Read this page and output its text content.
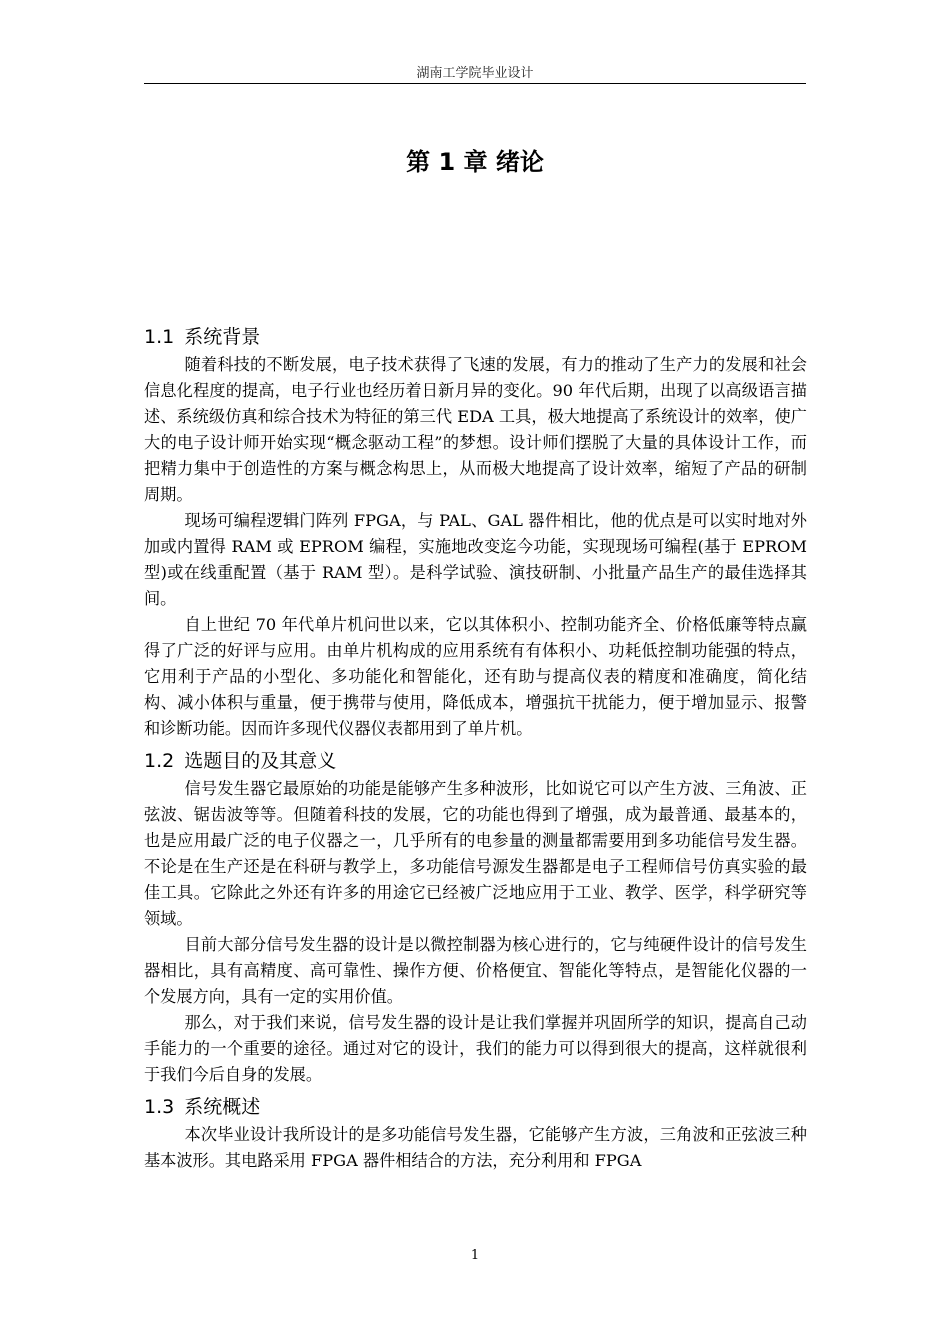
湖南工学院毕业设计
第 1 章 绪论
1.1 系统背景

随着科技的不断发展，电子技术获得了飞速的发展，有力的推动了生产力的发展和社会信息化程度的提高，电子行业也经历着日新月异的变化。90 年代后期，出现了以高级语言描述、系统级仿真和综合技术为特征的第三代 EDA 工具，极大地提高了系统设计的效率，使广大的电子设计师开始实现“概念驱动工程”的梦想。设计师们摆脱了大量的具体设计工作，而把精力集中于创造性的方案与概念构思上，从而极大地提高了设计效率，缩短了产品的研制周期。

现场可编程逻辑门阵列 FPGA，与 PAL、GAL 器件相比，他的优点是可以实时地对外加或内置得 RAM 或 EPROM 编程，实施地改变迄今功能，实现现场可编程(基于 EPROM 型)或在线重配置（基于 RAM 型）。是科学试验、演技研制、小批量产品生产的最佳选择其间。

自上世纪 70 年代单片机问世以来，它以其体积小、控制功能齐全、价格低廉等特点赢得了广泛的好评与应用。由单片机构成的应用系统有有体积小、功耗低控制功能强的特点，它用利于产品的小型化、多功能化和智能化，还有助与提高仪表的精度和准确度，简化结构、减小体积与重量，便于携带与使用，降低成本，增强抗干扰能力，便于增加显示、报警和诊断功能。因而许多现代仪器仪表都用到了单片机。

1.2 选题目的及其意义

信号发生器它最原始的功能是能够产生多种波形，比如说它可以产生方波、三角波、正弦波、锯齿波等等。但随着科技的发展，它的功能也得到了增强，成为最普通、最基本的，也是应用最广泛的电子仪器之一，几乎所有的电参量的测量都需要用到多功能信号发生器。不论是在生产还是在科研与教学上，多功能信号源发生器都是电子工程师信号仿真实验的最佳工具。它除此之外还有许多的用途它已经被广泛地应用于工业、教学、医学，科学研究等领域。

目前大部分信号发生器的设计是以微控制器为核心进行的，它与纯硬件设计的信号发生器相比，具有高精度、高可靠性、操作方便、价格便宜、智能化等特点，是智能化仪器的一个发展方向，具有一定的实用价值。

那么，对于我们来说，信号发生器的设计是让我们掌握并巩固所学的知识，提高自己动手能力的一个重要的途径。通过对它的设计，我们的能力可以得到很大的提高，这样就很利于我们今后自身的发展。

1.3 系统概述

本次毕业设计我所设计的是多功能信号发生器，它能够产生方波，三角波和正弦波三种基本波形。其电路采用 FPGA 器件相结合的方法，充分利用和 FPGA

1
